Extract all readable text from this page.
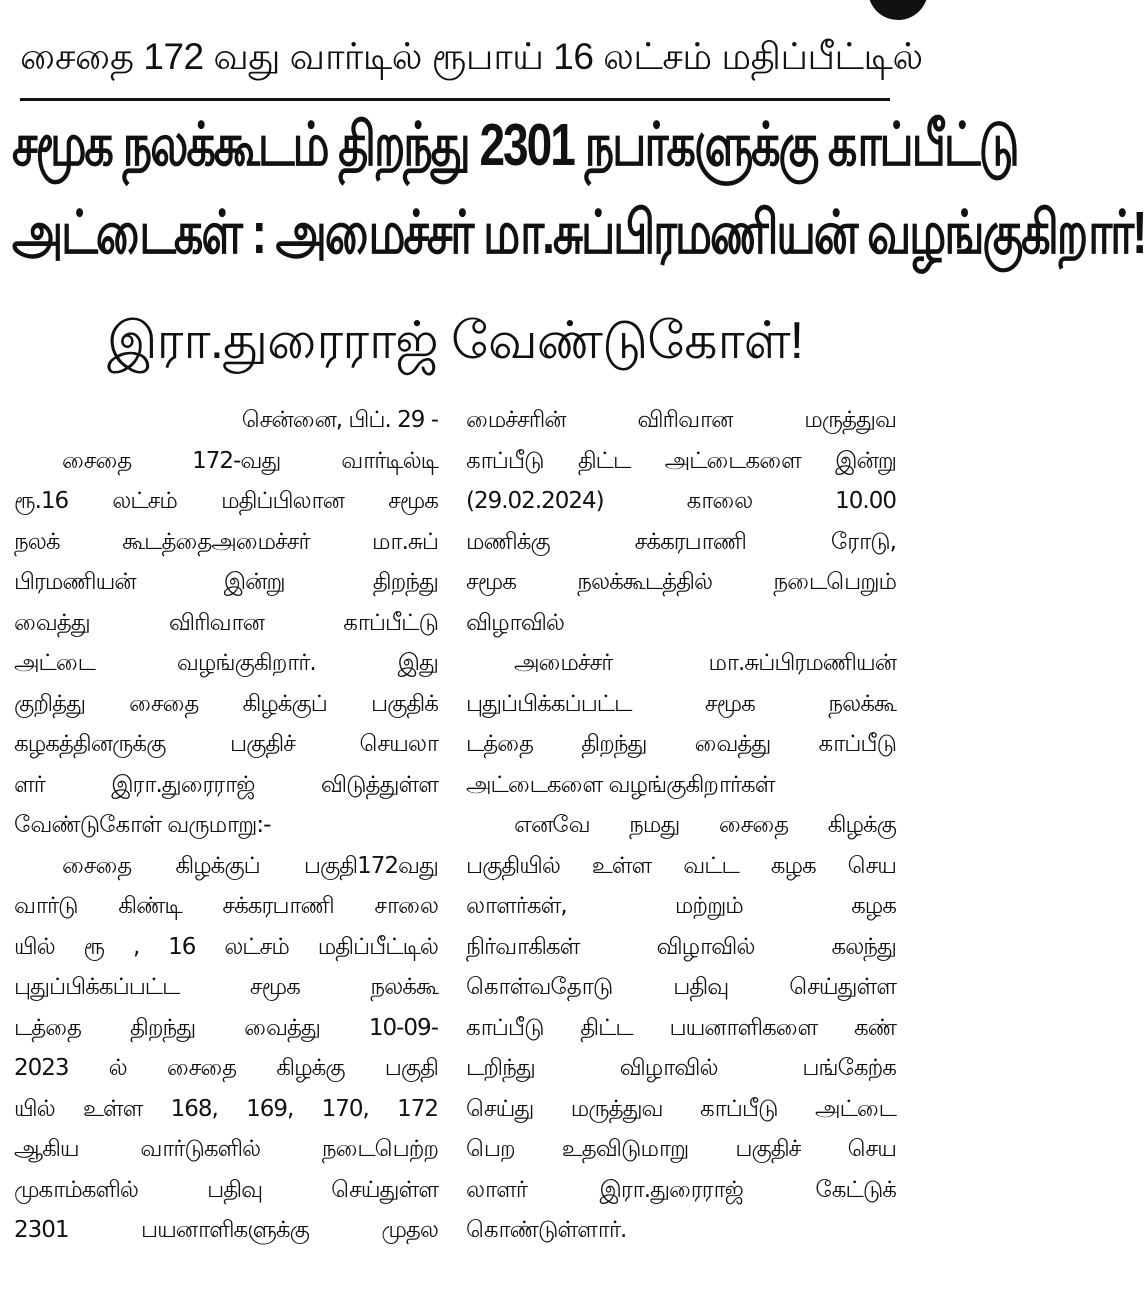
சைதை 172 வது வார்டில் ரூபாய் 16 லட்சம் மதிப்பீட்டில்
சமூக நலக்கூடம் திறந்து 2301 நபர்களுக்கு காப்பீட்டு
அட்டைகள் : அமைச்சர் மா.சுப்பிரமணியன் வழங்குகிறார்!
இரா.துரைராஜ் வேண்டுகோள்!
சென்னை, பிப். 29 -
சைதை 172-வது வார்டில்டி
ரூ.16 லட்சம் மதிப்பிலான சமூக
நலக் கூடத்தைஅமைச்சர் மா.சுப்
பிரமணியன் இன்று திறந்து
வைத்து விரிவான காப்பீட்டு
அட்டை வழங்குகிறார். இது
குறித்து சைதை கிழக்குப் பகுதிக்
கழகத்தினருக்கு பகுதிச் செயலா
ளர் இரா.துரைராஜ் விடுத்துள்ள
வேண்டுகோள் வருமாறு:-
சைதை கிழக்குப் பகுதி172வது
வார்டு கிண்டி சக்கரபாணி சாலை
யில் ரூ , 16 லட்சம் மதிப்பீட்டில்
புதுப்பிக்கப்பட்ட சமூக நலக்கூ
டத்தை திறந்து வைத்து 10-09-
2023 ல் சைதை கிழக்கு பகுதி
யில் உள்ள 168, 169, 170, 172
ஆகிய வார்டுகளில் நடைபெற்ற
முகாம்களில் பதிவு செய்துள்ள
2301 பயனாளிகளுக்கு முதல
மைச்சரின் விரிவான மருத்துவ
காப்பீடு திட்ட அட்டைகளை இன்று
(29.02.2024) காலை 10.00
மணிக்கு சக்கரபாணி ரோடு,
சமூக நலக்கூடத்தில் நடைபெறும்
விழாவில்
அமைச்சர் மா.சுப்பிரமணியன்
புதுப்பிக்கப்பட்ட சமூக நலக்கூ
டத்தை திறந்து வைத்து காப்பீடு
அட்டைகளை வழங்குகிறார்கள்
எனவே நமது சைதை கிழக்கு
பகுதியில் உள்ள வட்ட கழக செய
லாளர்கள், மற்றும் கழக
நிர்வாகிகள் விழாவில் கலந்து
கொள்வதோடு பதிவு செய்துள்ள
காப்பீடு திட்ட பயனாளிகளை கண்
டறிந்து விழாவில் பங்கேற்க
செய்து மருத்துவ காப்பீடு அட்டை
பெற உதவிடுமாறு பகுதிச் செய
லாளர் இரா.துரைராஜ் கேட்டுக்
கொண்டுள்ளார்.
